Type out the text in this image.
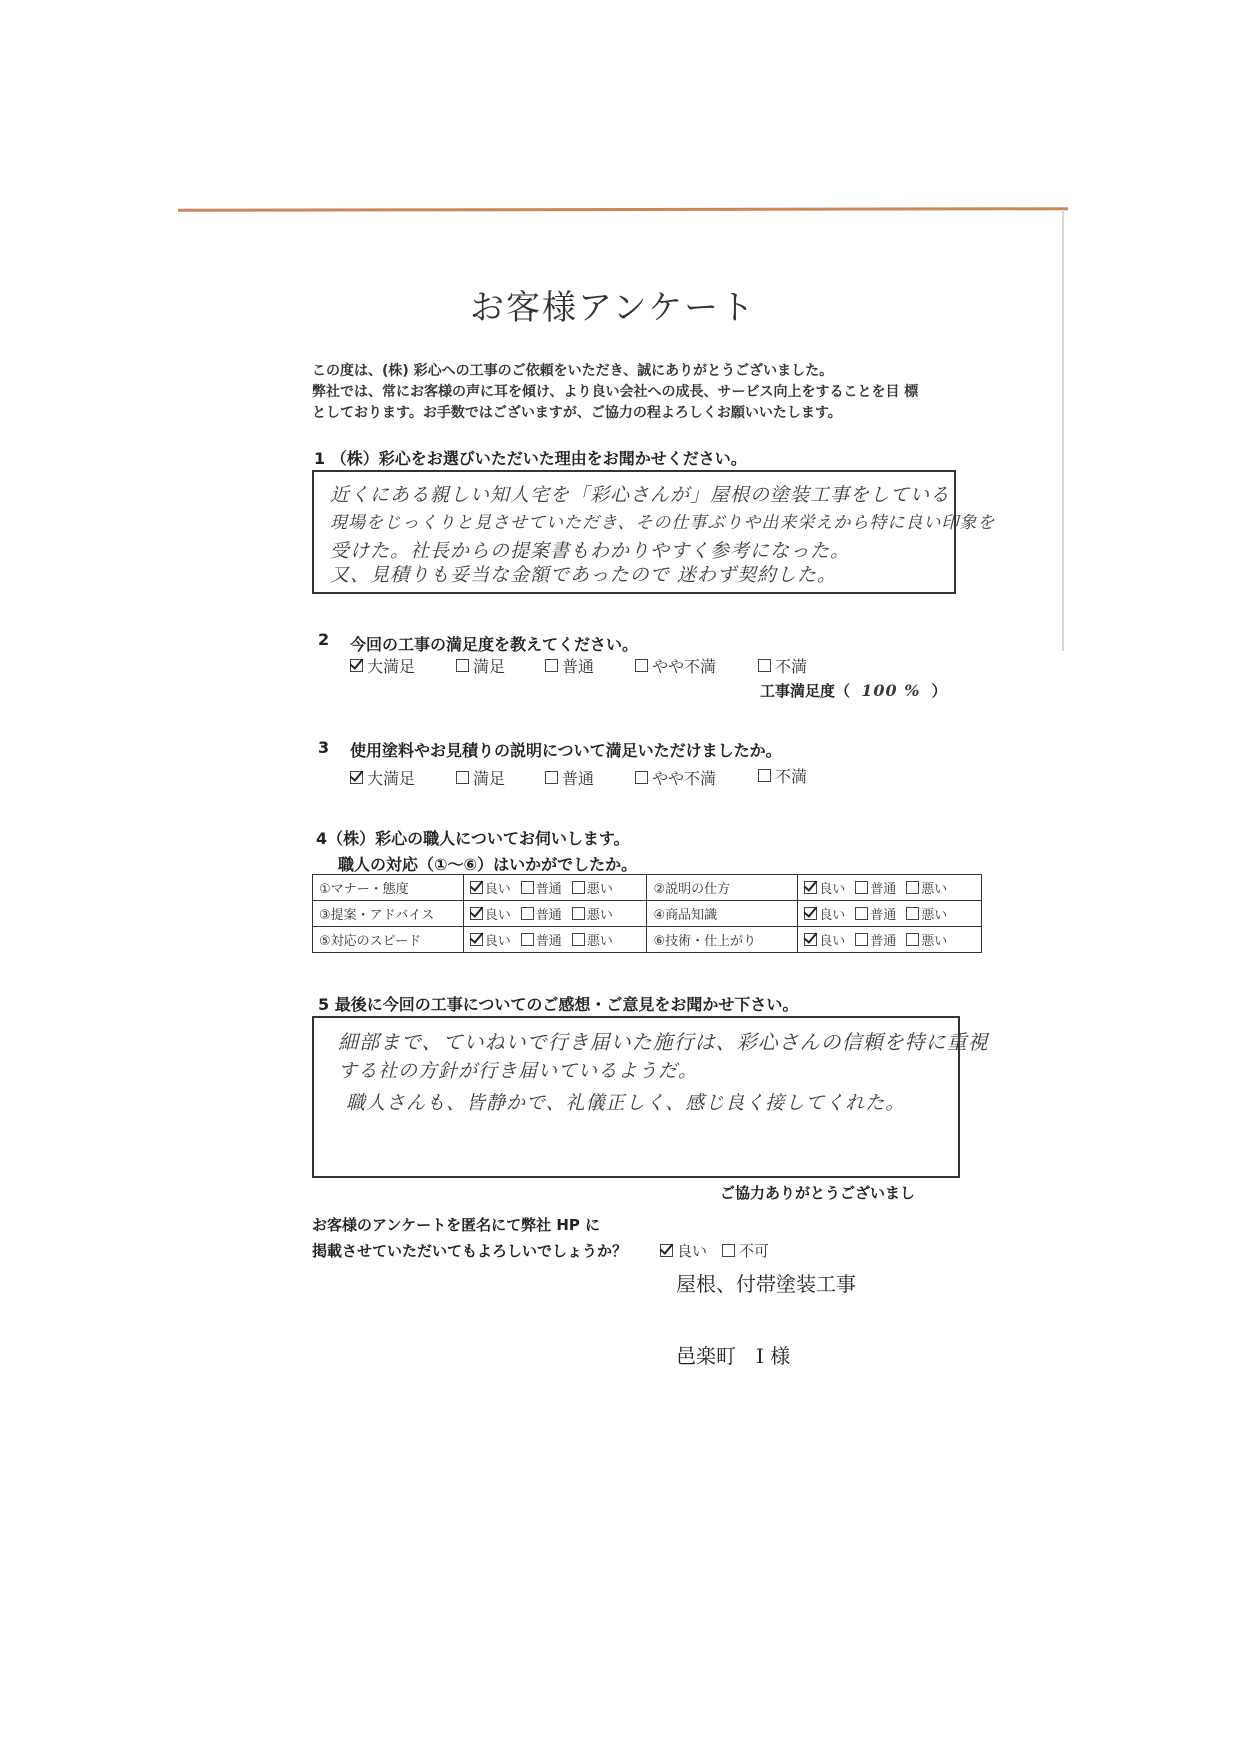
お客様アンケート
この度は、(株) 彩心への工事のご依頼をいただき、誠にありがとうございました。
弊社では、常にお客様の声に耳を傾け、より良い会社への成長、サービス向上をすることを目 標
としております。お手数ではございますが、ご協力の程よろしくお願いいたします。
1 （株）彩心をお選びいただいた理由をお聞かせください。
近くにある親しい知人宅を「彩心さんが」屋根の塗装工事をしている
現場をじっくりと見させていただき、その仕事ぶりや出来栄えから特に良い印象を
受けた。社長からの提案書もわかりやすく参考になった。
又、見積りも妥当な金額であったので 迷わず契約した。
2 今回の工事の満足度を教えてください。
大満足	満足	普通	やや不満	不満
工事満足度（ 100 % ）
3 使用塗料やお見積りの説明について満足いただけましたか。
大満足	満足	普通	やや不満	不満
4（株）彩心の職人についてお伺いします。
職人の対応（①～⑥）はいかがでしたか。
①マナー・態度	良い 普通 悪い	②説明の仕方	良い 普通 悪い

③提案・アドバイス	良い 普通 悪い	④商品知識	良い 普通 悪い

⑤対応のスピード	良い 普通 悪い	⑥技術・仕上がり	良い 普通 悪い
5 最後に今回の工事についてのご感想・ご意見をお聞かせ下さい。
細部まで、ていねいで行き届いた施行は、彩心さんの信頼を特に重視
する社の方針が行き届いているようだ。
職人さんも、皆静かで、礼儀正しく、感じ良く接してくれた。
ご協力ありがとうございまし
お客様のアンケートを匿名にて弊社 HP に
掲載させていただいてもよろしいでしょうか？	良い 不可
屋根、付帯塗装工事
邑楽町　I 様
